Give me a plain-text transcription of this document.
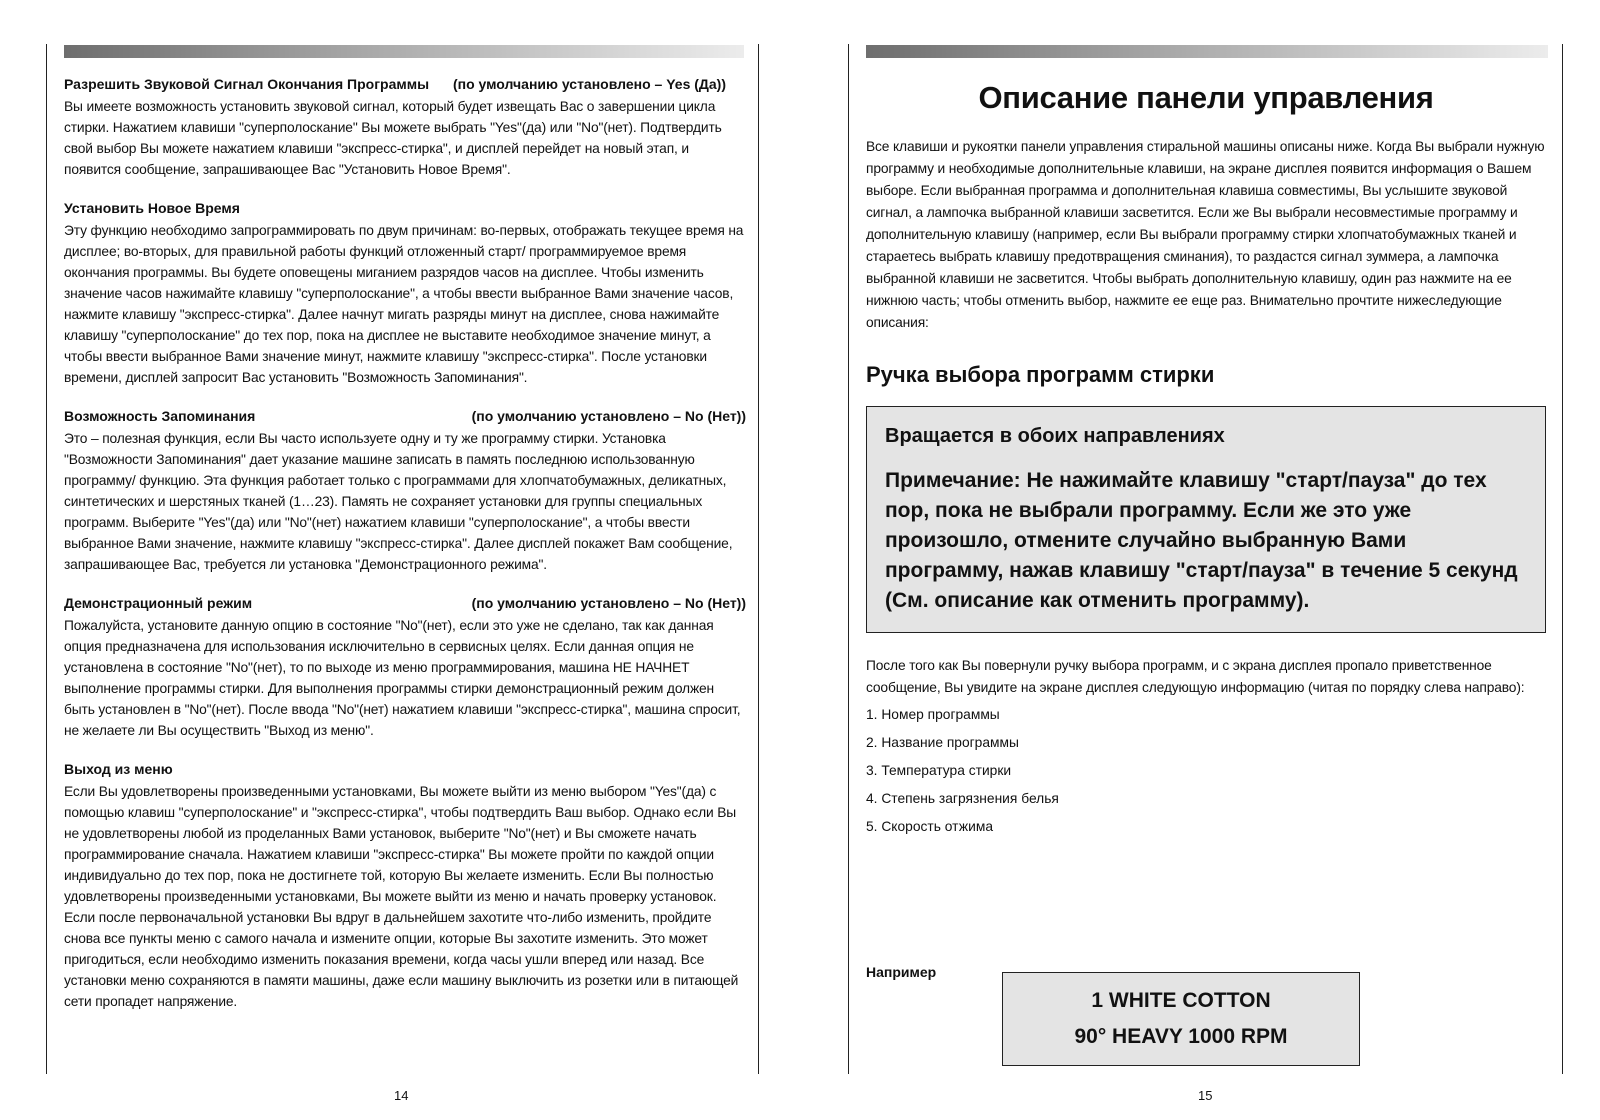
Разрешить Звуковой Сигнал Окончания Программы (по умолчанию установлено – Yes (Да))

Вы имеете возможность установить звуковой сигнал, который будет извещать Вас о завершении цикла стирки. Нажатием клавиши "суперполоскание" Вы можете выбрать "Yes"(да) или "No"(нет). Подтвердить свой выбор Вы можете нажатием клавиши "экспресс-стирка", и дисплей перейдет на новый этап, и появится сообщение, запрашивающее Вас "Установить Новое Время".

Установить Новое Время

Эту функцию необходимо запрограммировать по двум причинам: во-первых, отображать текущее время на дисплее; во-вторых, для правильной работы функций отложенный старт/ программируемое время окончания программы. Вы будете оповещены миганием разрядов часов на дисплее. Чтобы изменить значение часов нажимайте клавишу "суперполоскание", а чтобы ввести выбранное Вами значение часов, нажмите клавишу "экспресс-стирка". Далее начнут мигать разряды минут на дисплее, снова нажимайте клавишу "суперполоскание" до тех пор, пока на дисплее не выставите необходимое значение минут, а чтобы ввести выбранное Вами значение минут, нажмите клавишу "экспресс-стирка". После установки времени, дисплей запросит Вас установить "Возможность Запоминания".

Возможность Запоминания	(по умолчанию установлено – No (Нет))

Это – полезная функция, если Вы часто используете одну и ту же программу стирки. Установка "Возможности Запоминания" дает указание машине записать в память последнюю использованную программу/ функцию. Эта функция работает только с программами для хлопчатобумажных, деликатных, синтетических и шерстяных тканей (1…23). Память не сохраняет установки для группы специальных программ. Выберите "Yes"(да) или "No"(нет) нажатием клавиши "суперполоскание", а чтобы ввести выбранное Вами значение, нажмите клавишу "экспресс-стирка". Далее дисплей покажет Вам сообщение, запрашивающее Вас, требуется ли установка "Демонстрационного режима".

Демонстрационный режим	(по умолчанию установлено – No (Нет))

Пожалуйста, установите данную опцию в состояние "No"(нет), если это уже не сделано, так как данная опция предназначена для использования исключительно в сервисных целях. Если данная опция не установлена в состояние "No"(нет), то по выходе из меню программирования, машина НЕ НАЧНЕТ выполнение программы стирки. Для выполнения программы стирки демонстрационный режим должен быть установлен в "No"(нет). После ввода "No"(нет) нажатием клавиши "экспресс-стирка", машина спросит, не желаете ли Вы осуществить "Выход из меню".

Выход из меню

Если Вы удовлетворены произведенными установками, Вы можете выйти из меню выбором "Yes"(да) с помощью клавиш "суперполоскание" и "экспресс-стирка", чтобы подтвердить Ваш выбор. Однако если Вы не удовлетворены любой из проделанных Вами установок, выберите "No"(нет) и Вы сможете начать программирование сначала. Нажатием клавиши "экспресс-стирка" Вы можете пройти по каждой опции индивидуально до тех пор, пока не достигнете той, которую Вы желаете изменить. Если Вы полностью удовлетворены произведенными установками, Вы можете выйти из меню и начать проверку установок. Если после первоначальной установки Вы вдруг в дальнейшем захотите что-либо изменить, пройдите снова все пункты меню с самого начала и измените опции, которые Вы захотите изменить. Это может пригодиться, если необходимо изменить показания времени, когда часы ушли вперед или назад. Все установки меню сохраняются в памяти машины, даже если машину выключить из розетки или в питающей сети пропадет напряжение.

14	15
Описание панели управления

Все клавиши и рукоятки панели управления стиральной машины описаны ниже. Когда Вы выбрали нужную программу и необходимые дополнительные клавиши, на экране дисплея появится информация о Вашем выборе. Если выбранная программа и дополнительная клавиша совместимы, Вы услышите звуковой сигнал, а лампочка выбранной клавиши засветится. Если же Вы выбрали несовместимые программу и дополнительную клавишу (например, если Вы выбрали программу стирки хлопчатобумажных тканей и стараетесь выбрать клавишу предотвращения сминания), то раздастся сигнал зуммера, а лампочка выбранной клавиши не засветится. Чтобы выбрать дополнительную клавишу, один раз нажмите на ее нижнюю часть; чтобы отменить выбор, нажмите ее еще раз. Внимательно прочтите нижеследующие описания:

Ручка выбора программ стирки
Вращается в обоих направлениях

Примечание: Не нажимайте клавишу "старт/пауза" до тех пор, пока не выбрали программу. Если же это уже произошло, отмените случайно выбранную Вами программу, нажав клавишу "старт/пауза" в течение 5 секунд (См. описание как отменить программу).

После того как Вы повернули ручку выбора программ, и с экрана дисплея пропало приветственное сообщение, Вы увидите на экране дисплея следующую информацию (читая по порядку слева направо):

1. Номер программы
2. Название программы
3. Температура стирки
4. Степень загрязнения белья
5. Скорость отжима
Например
1 WHITE COTTON
90° HEAVY 1000 RPM
